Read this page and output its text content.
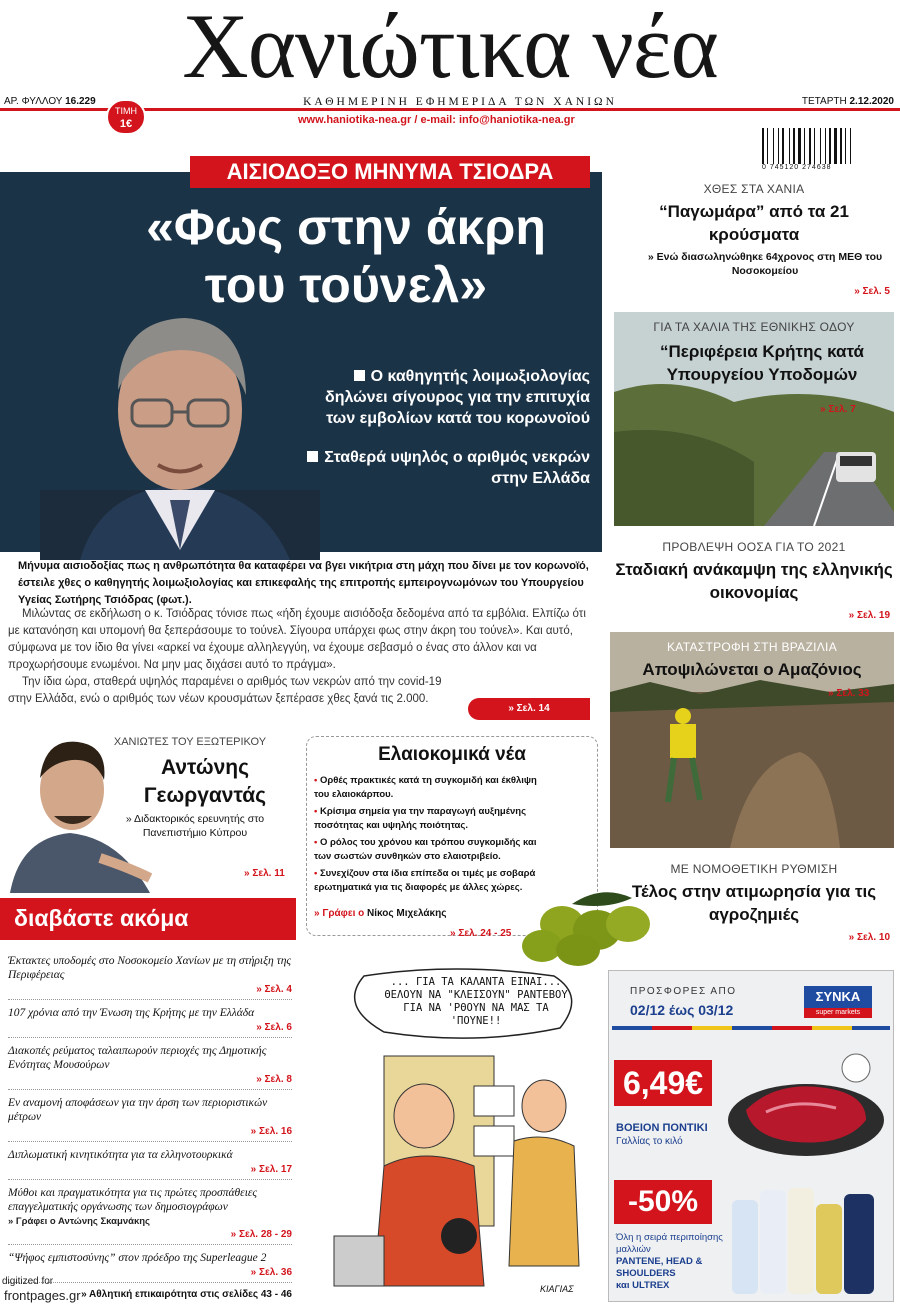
Χανιώτικα νέα
ΑΡ. ΦΥΛΛΟΥ 16.229	ΚΑΘΗΜΕΡΙΝΗ ΕΦΗΜΕΡΙΔΑ ΤΩΝ ΧΑΝΙΩΝ	ΤΕΤΑΡΤΗ 2.12.2020
ΤΙΜΗ
1€	www.haniotika-nea.gr / e-mail: info@haniotika-nea.gr
0 745120 274638
ΑΙΣΙΟΔΟΞΟ ΜΗΝΥΜΑ ΤΣΙΟΔΡΑ
«Φως στην άκρη
του τούνελ»
Ο καθηγητής λοιμωξιολογίας δηλώνει σίγουρος για την επιτυχία των εμβολίων κατά του κορωνοϊού
Σταθερά υψηλός ο αριθμός νεκρών στην Ελλάδα
Μήνυμα αισιοδοξίας πως η ανθρωπότητα θα καταφέρει να βγει νικήτρια στη μάχη που δίνει με τον κορωνοϊό, έστειλε χθες ο καθηγητής λοιμωξιολογίας και επικεφαλής της επιτροπής εμπειρογνωμόνων του Υπουργείου Υγείας Σωτήρης Τσιόδρας (φωτ.).

Μιλώντας σε εκδήλωση ο κ. Τσιόδρας τόνισε πως «ήδη έχουμε αισιόδοξα δεδομένα από τα εμβόλια. Ελπίζω ότι με κατανόηση και υπομονή θα ξεπεράσουμε το τούνελ. Σίγουρα υπάρχει φως στην άκρη του τούνελ». Και αυτό, σύμφωνα με τον ίδιο θα γίνει «αρκεί να έχουμε αλληλεγγύη, να έχουμε σεβασμό ο ένας στο άλλον και να προχωρήσουμε ενωμένοι. Να μην μας διχάσει αυτό το πράγμα».

Την ίδια ώρα, σταθερά υψηλός παραμένει ο αριθμός των νεκρών από την covid-19 στην Ελλάδα, ενώ ο αριθμός των νέων κρουσμάτων ξεπέρασε χθες ξανά τις 2.000.

» Σελ. 14
ΧΘΕΣ ΣΤΑ ΧΑΝΙΑ
“Παγωμάρα” από τα 21 κρούσματα
» Ενώ διασωληνώθηκε 64χρονος στη ΜΕΘ του Νοσοκομείου
» Σελ. 5
ΓΙΑ ΤΑ ΧΑΛΙΑ ΤΗΣ ΕΘΝΙΚΗΣ ΟΔΟΥ
“Περιφέρεια Κρήτης κατά Υπουργείου Υποδομών
» Σελ. 7
ΠΡΟΒΛΕΨΗ ΟΟΣΑ ΓΙΑ ΤΟ 2021
Σταδιακή ανάκαμψη της ελληνικής οικονομίας
» Σελ. 19
ΚΑΤΑΣΤΡΟΦΗ ΣΤΗ ΒΡΑΖΙΛΙΑ
Αποψιλώνεται ο Αμαζόνιος
» Σελ. 33
ΜΕ ΝΟΜΟΘΕΤΙΚΗ ΡΥΘΜΙΣΗ
Τέλος στην ατιμωρησία για τις αγροζημιές
» Σελ. 10
ΧΑΝΙΩΤΕΣ ΤΟΥ ΕΞΩΤΕΡΙΚΟΥ
Αντώνης
Γεωργαντάς
» Διδακτορικός ερευνητής στο Πανεπιστήμιο Κύπρου
» Σελ. 11
διαβάστε ακόμα
Έκτακτες υποδομές στο Νοσοκομείο Χανίων με τη στήριξη της Περιφέρειας
» Σελ. 4
107 χρόνια από την Ένωση της Κρήτης με την Ελλάδα
» Σελ. 6
Διακοπές ρεύματος ταλαιπωρούν περιοχές της Δημοτικής Ενότητας Μουσούρων
» Σελ. 8
Εν αναμονή αποφάσεων για την άρση των περιοριστικών μέτρων
» Σελ. 16
Διπλωματική κινητικότητα για τα ελληνοτουρκικά
» Σελ. 17
Μύθοι και πραγματικότητα για τις πρώτες προσπάθειες επαγγελματικής οργάνωσης των δημοσιογράφων
» Γράφει ο Αντώνης Σκαμνάκης
» Σελ. 28 - 29
“Ψήφος εμπιστοσύνης” στον πρόεδρο της Superleague 2
» Σελ. 36
» Αθλητική επικαιρότητα στις σελίδες 43 - 46
Ελαιοκομικά νέα
• Ορθές πρακτικές κατά τη συγκομιδή και έκθλιψη του ελαιοκάρπου.
• Κρίσιμα σημεία για την παραγωγή αυξημένης ποσότητας και υψηλής ποιότητας.
• Ο ρόλος του χρόνου και τρόπου συγκομιδής και των σωστών συνθηκών στο ελαιοτριβείο.
• Συνεχίζουν στα ίδια επίπεδα οι τιμές με σοβαρά ερωτηματικά για τις διαφορές με άλλες χώρες.
» Γράφει ο Νίκος Μιχελάκης
» Σελ. 24 - 25
... ΓΙΑ ΤΑ ΚΑΛΑΝΤΑ ΕΙΝΑΙ... ΘΕΛΟΥΝ ΝΑ "ΚΛΕΙΣΟΥΝ" ΡΑΝΤΕΒΟΥ ΓΙΑ ΝΑ 'ΡΘΟΥΝ ΝΑ ΜΑΣ ΤΑ 'ΠΟΥΝΕ!!
ΚΙΑΓΙΑΣ
ΠΡΟΣΦΟΡΕΣ ΑΠΟ
02/12 έως 03/12
ΣΥΝΚΑ
super markets
6,49€
ΒΟΕΙΟΝ ΠΟΝΤΙΚΙ
Γαλλίας το κιλό
-50%
Όλη η σειρά περιποίησης μαλλιών
PANTENE, HEAD & SHOULDERS
και ULTREX
digitized for
frontpages.gr
